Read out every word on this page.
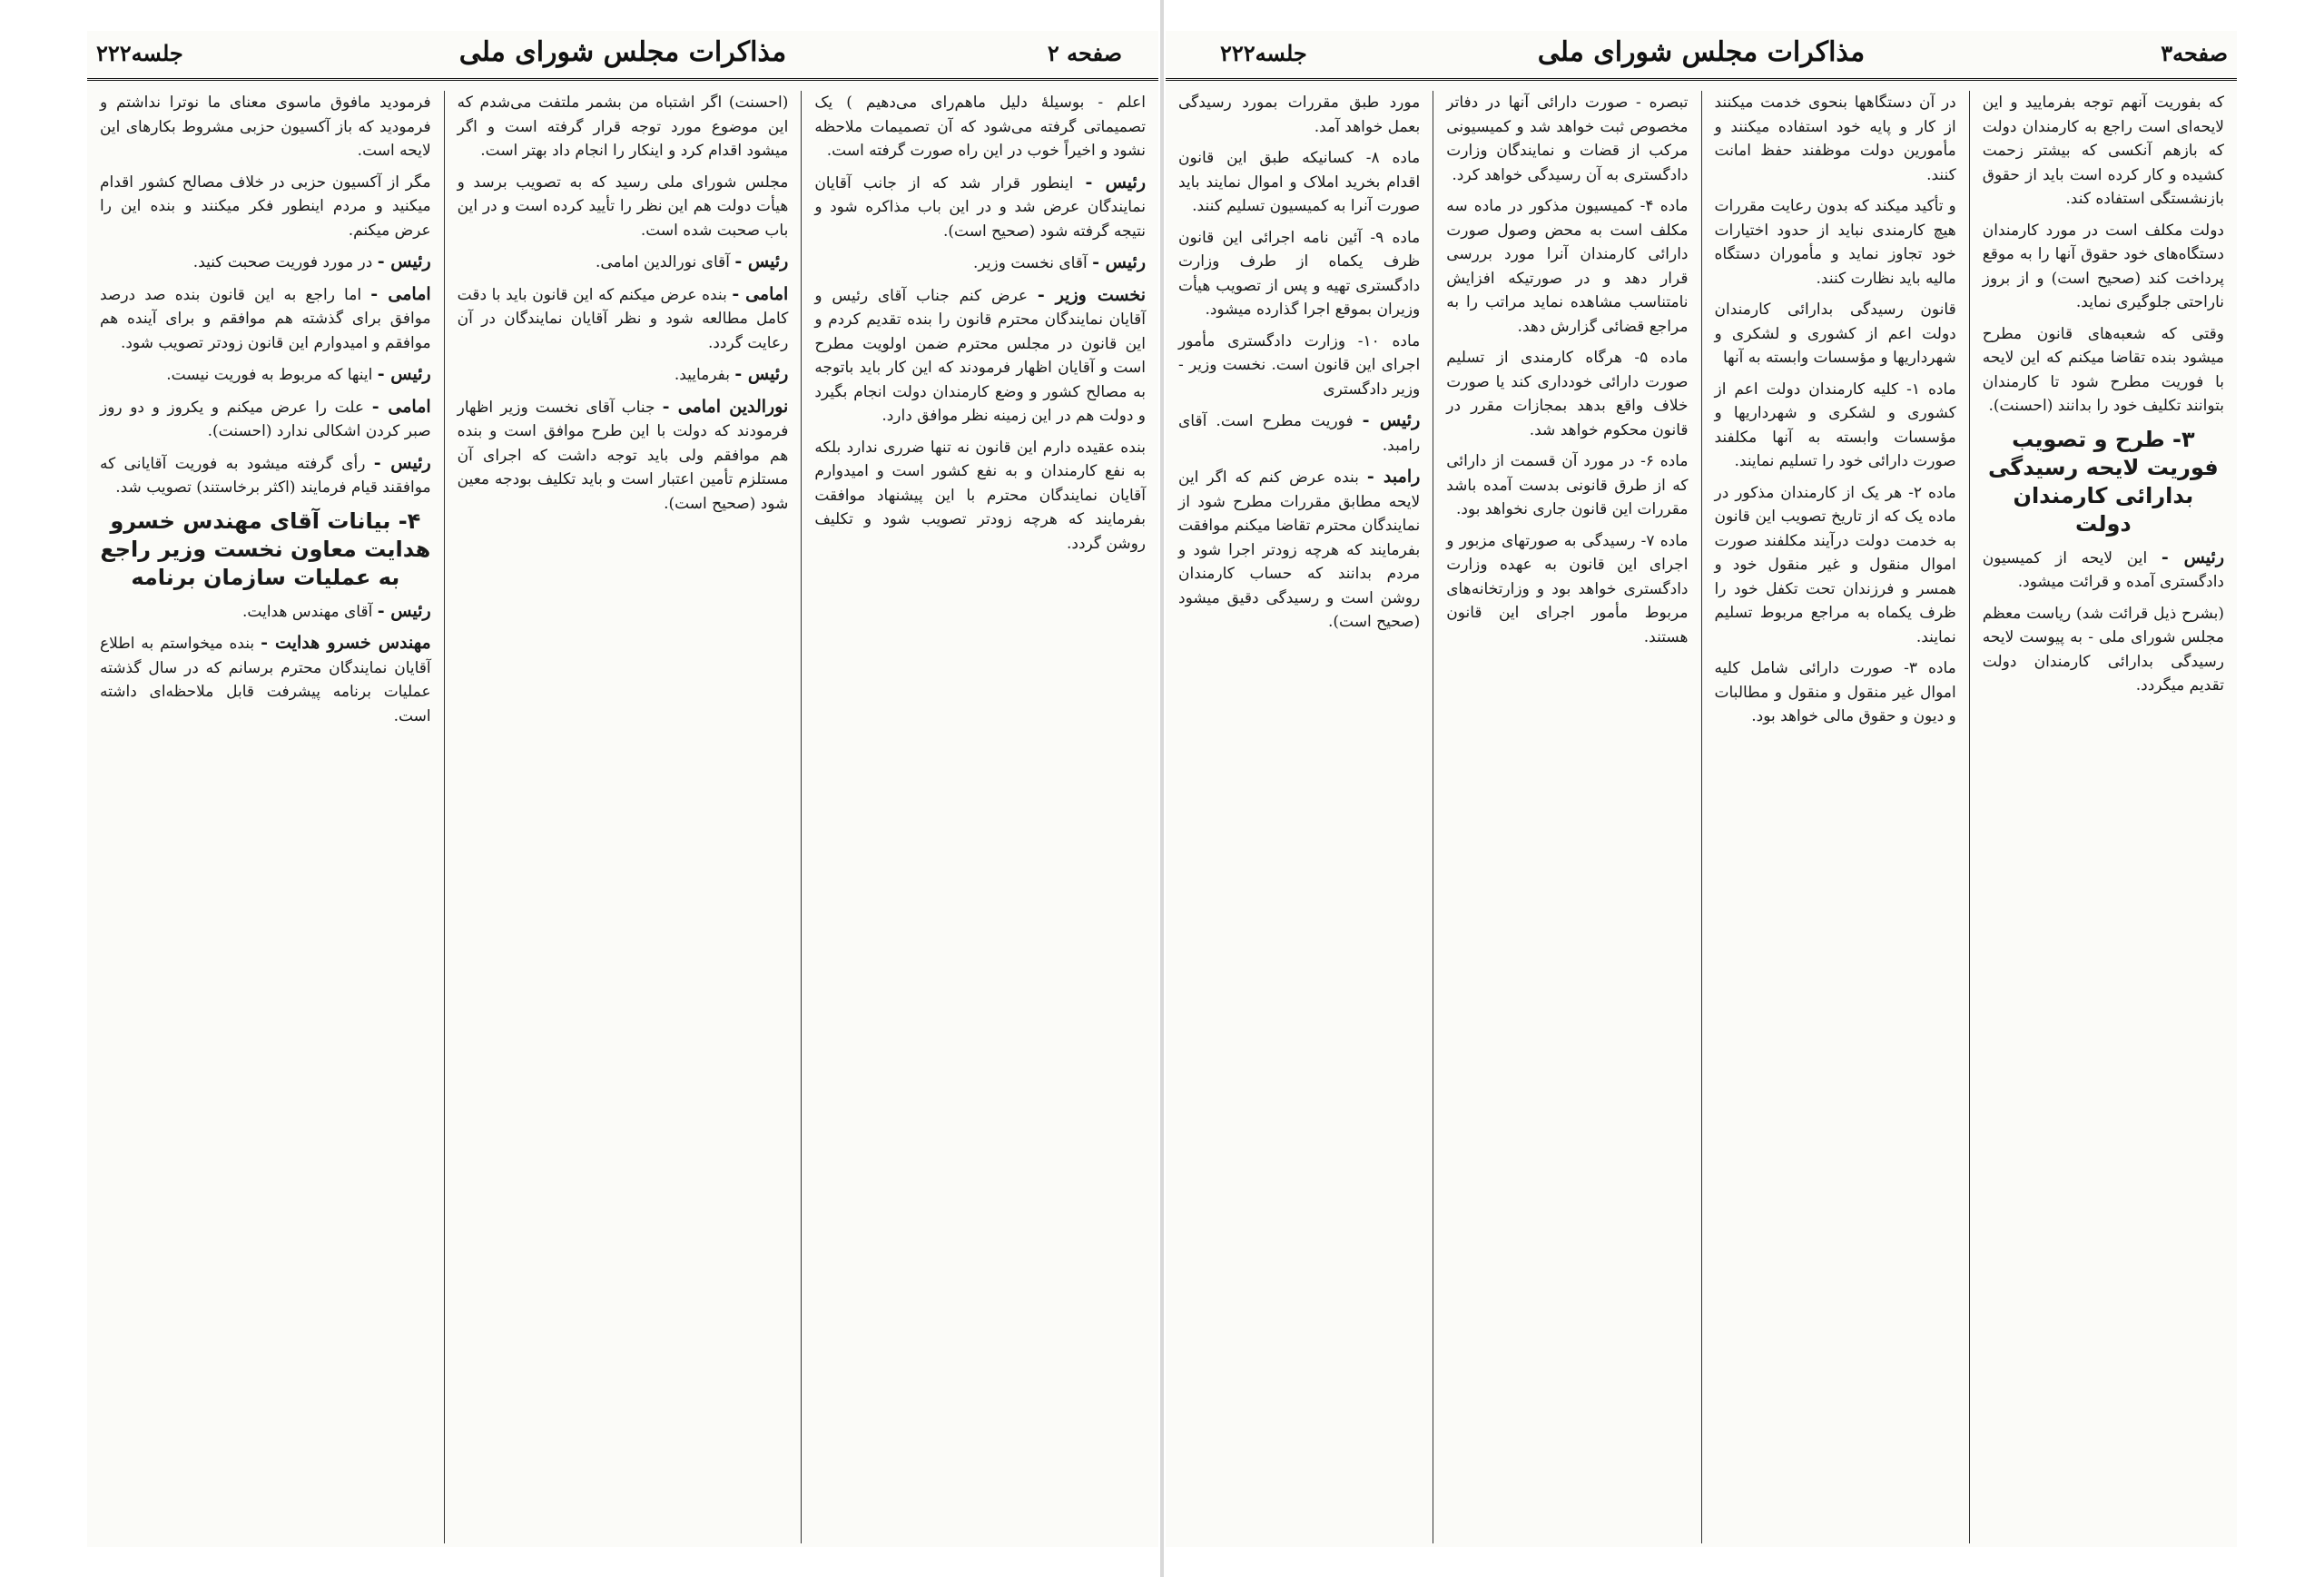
جلسه۲۲۲	مذاکرات مجلس شورای ملی	صفحه ۲

اعلم - بوسیلهٔ دلیل ماهم‌رای می‌دهیم ) یک تصمیماتی گرفته می‌شود که آن تصمیمات ملاحظه نشود و اخیراً خوب در این راه صورت گرفته است.

رئیس - اینطور قرار شد که از جانب آقایان نمایندگان عرض شد و در این باب مذاکره شود و نتیجه گرفته شود (صحیح است).

رئیس - آقای نخست وزیر.

نخست وزیر - عرض کنم جناب آقای رئیس و آقایان نمایندگان محترم قانون را بنده تقدیم کردم و این قانون در مجلس محترم ضمن اولویت مطرح است و آقایان اظهار فرمودند که این کار باید باتوجه به مصالح کشور و وضع کارمندان دولت انجام بگیرد و دولت هم در این زمینه نظر موافق دارد.

بنده عقیده دارم این قانون نه تنها ضرری ندارد بلکه به نفع کارمندان و به نفع کشور است و امیدوارم آقایان نمایندگان محترم با این پیشنهاد موافقت بفرمایند که هرچه زودتر تصویب شود و تکلیف روشن گردد.

(احسنت) اگر اشتباه من بشمر ملتفت می‌شدم که این موضوع مورد توجه قرار گرفته است و اگر میشود اقدام کرد و اینکار را انجام داد بهتر است.

مجلس شورای ملی رسید که به تصویب برسد و هیأت دولت هم این نظر را تأیید کرده است و در این باب صحبت شده است.

رئیس - آقای نورالدین امامی.

امامی - بنده عرض میکنم که این قانون باید با دقت کامل مطالعه شود و نظر آقایان نمایندگان در آن رعایت گردد.

رئیس - بفرمایید.

نورالدین امامی - جناب آقای نخست وزیر اظهار فرمودند که دولت با این طرح موافق است و بنده هم موافقم ولی باید توجه داشت که اجرای آن مستلزم تأمین اعتبار است و باید تکلیف بودجه معین شود (صحیح است).

فرمودید مافوق ماسوی معنای ما نوترا نداشتم و فرمودید که باز آکسیون حزبی مشروط بکارهای این لایحه است.

مگر از آکسیون حزبی در خلاف مصالح کشور اقدام میکنید و مردم اینطور فکر میکنند و بنده این را عرض میکنم.

رئیس - در مورد فوریت صحبت کنید.

امامی - اما راجع به این قانون بنده صد درصد موافق برای گذشته هم موافقم و برای آینده هم موافقم و امیدوارم این قانون زودتر تصویب شود.

رئیس - اینها که مربوط به فوریت نیست.

امامی - علت را عرض میکنم و یکروز و دو روز صبر کردن اشکالی ندارد (احسنت).

رئیس - رأی گرفته میشود به فوریت آقایانی که موافقند قیام فرمایند (اکثر برخاستند) تصویب شد.

۴- بیانات آقای مهندس خسرو هدایت معاون نخست وزیر راجع به عملیات سازمان برنامه

رئیس - آقای مهندس هدایت.

مهندس خسرو هدایت - بنده میخواستم به اطلاع آقایان نمایندگان محترم برسانم که در سال گذشته عملیات برنامه پیشرفت قابل ملاحظه‌ای داشته است.

جلسه۲۲۲	مذاکرات مجلس شورای ملی	صفحه۳

که بفوریت آنهم توجه بفرمایید و این لایحه‌ای است راجع به کارمندان دولت که بازهم آنکسی که بیشتر زحمت کشیده و کار کرده است باید از حقوق بازنشستگی استفاده کند.

دولت مکلف است در مورد کارمندان دستگاه‌های خود حقوق آنها را به موقع پرداخت کند (صحیح است) و از بروز ناراحتی جلوگیری نماید.

وقتی که شعبه‌های قانون مطرح میشود بنده تقاضا میکنم که این لایحه با فوریت مطرح شود تا کارمندان بتوانند تکلیف خود را بدانند (احسنت).

۳- طرح و تصویب فوریت لایحه رسیدگی بدارائی کارمندان دولت

رئیس - این لایحه از کمیسیون دادگستری آمده و قرائت میشود.

(بشرح ذیل قرائت شد) ریاست معظم مجلس شورای ملی - به پیوست لایحه رسیدگی بدارائی کارمندان دولت تقدیم میگردد.

در آن دستگاهها بنحوی خدمت میکنند از کار و پایه خود استفاده میکنند و مأمورین دولت موظفند حفظ امانت کنند.

و تأکید میکند که بدون رعایت مقررات هیچ کارمندی نباید از حدود اختیارات خود تجاوز نماید و مأموران دستگاه مالیه باید نظارت کنند.

قانون رسیدگی بدارائی کارمندان دولت اعم از کشوری و لشکری و شهرداریها و مؤسسات وابسته به آنها

ماده ۱- کلیه کارمندان دولت اعم از کشوری و لشکری و شهرداریها و مؤسسات وابسته به آنها مکلفند صورت دارائی خود را تسلیم نمایند.

ماده ۲- هر یک از کارمندان مذکور در ماده یک که از تاریخ تصویب این قانون به خدمت دولت درآیند مکلفند صورت اموال منقول و غیر منقول خود و همسر و فرزندان تحت تکفل خود را ظرف یکماه به مراجع مربوط تسلیم نمایند.

ماده ۳- صورت دارائی شامل کلیه اموال غیر منقول و منقول و مطالبات و دیون و حقوق مالی خواهد بود.

تبصره - صورت دارائی آنها در دفاتر مخصوص ثبت خواهد شد و کمیسیونی مرکب از قضات و نمایندگان وزارت دادگستری به آن رسیدگی خواهد کرد.

ماده ۴- کمیسیون مذکور در ماده سه مکلف است به محض وصول صورت دارائی کارمندان آنرا مورد بررسی قرار دهد و در صورتیکه افزایش نامتناسب مشاهده نماید مراتب را به مراجع قضائی گزارش دهد.

ماده ۵- هرگاه کارمندی از تسلیم صورت دارائی خودداری کند یا صورت خلاف واقع بدهد بمجازات مقرر در قانون محکوم خواهد شد.

ماده ۶- در مورد آن قسمت از دارائی که از طرق قانونی بدست آمده باشد مقررات این قانون جاری نخواهد بود.

ماده ۷- رسیدگی به صورتهای مزبور و اجرای این قانون به عهده وزارت دادگستری خواهد بود و وزارتخانه‌های مربوط مأمور اجرای این قانون هستند.

مورد طبق مقررات بمورد رسیدگی بعمل خواهد آمد.

ماده ۸- کسانیکه طبق این قانون اقدام بخرید املاک و اموال نمایند باید صورت آنرا به کمیسیون تسلیم کنند.

ماده ۹- آئین نامه اجرائی این قانون ظرف یکماه از طرف وزارت دادگستری تهیه و پس از تصویب هیأت وزیران بموقع اجرا گذارده میشود.

ماده ۱۰- وزارت دادگستری مأمور اجرای این قانون است. نخست وزیر - وزیر دادگستری

رئیس - فوریت مطرح است. آقای رامبد.

رامبد - بنده عرض کنم که اگر این لایحه مطابق مقررات مطرح شود از نمایندگان محترم تقاضا میکنم موافقت بفرمایند که هرچه زودتر اجرا شود و مردم بدانند که حساب کارمندان روشن است و رسیدگی دقیق میشود (صحیح است).
